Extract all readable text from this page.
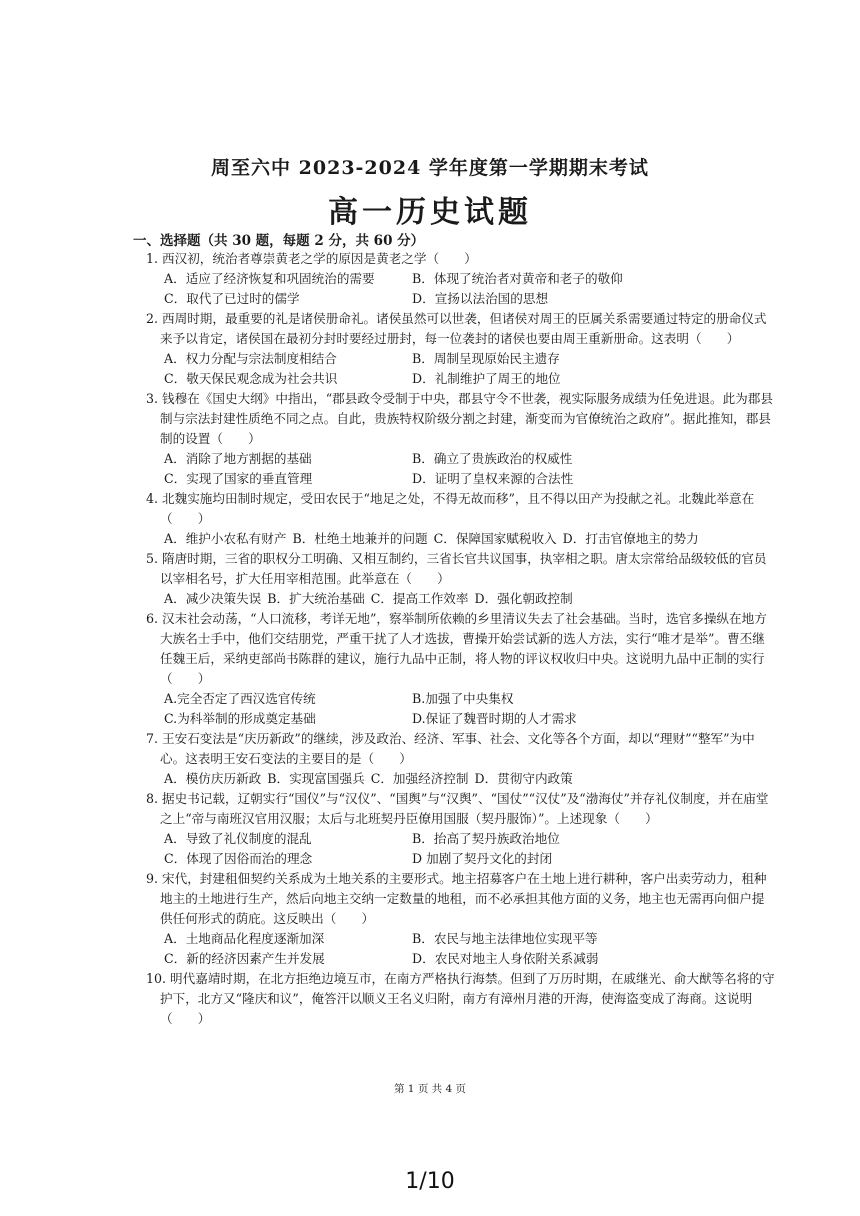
周至六中 2023-2024 学年度第一学期期末考试
高一历史试题
一、选择题（共 30 题，每题 2 分，共 60 分）

1. 西汉初，统治者尊崇黄老之学的原因是黄老之学（　　）

A．适应了经济恢复和巩固统治的需要	B．体现了统治者对黄帝和老子的敬仰
C．取代了已过时的儒学	D．宣扬以法治国的思想

2. 西周时期，最重要的礼是诸侯册命礼。诸侯虽然可以世袭，但诸侯对周王的臣属关系需要通过特定的册命仪式来予以肯定，诸侯国在最初分封时要经过册封，每一位袭封的诸侯也要由周王重新册命。这表明（　　）

A．权力分配与宗法制度相结合	B．周制呈现原始民主遗存
C．敬天保民观念成为社会共识	D．礼制维护了周王的地位

3. 钱穆在《国史大纲》中指出，“郡县政令受制于中央，郡县守令不世袭，视实际服务成绩为任免进退。此为郡县制与宗法封建性质绝不同之点。自此，贵族特权阶级分割之封建，渐变而为官僚统治之政府”。据此推知，郡县制的设置（　　）

A．消除了地方割据的基础	B．确立了贵族政治的权威性
C．实现了国家的垂直管理	D．证明了皇权来源的合法性

4. 北魏实施均田制时规定，受田农民于“地足之处，不得无故而移”，且不得以田产为投献之礼。北魏此举意在（　　）

A．维护小农私有财产 B．杜绝土地兼并的问题 C．保障国家赋税收入 D．打击官僚地主的势力

5. 隋唐时期，三省的职权分工明确、又相互制约，三省长官共议国事，执宰相之职。唐太宗常给品级较低的官员以宰相名号，扩大任用宰相范围。此举意在（　　）

A．减少决策失误 B．扩大统治基础 C．提高工作效率 D．强化朝政控制

6. 汉末社会动荡，“人口流移，考详无地”，察举制所依赖的乡里清议失去了社会基础。当时，选官多操纵在地方大族名士手中，他们交结朋党，严重干扰了人才选拔，曹操开始尝试新的选人方法，实行“唯才是举”。曹丕继任魏王后，采纳吏部尚书陈群的建议，施行九品中正制，将人物的评议权收归中央。这说明九品中正制的实行（　　）

A.完全否定了西汉选官传统	B.加强了中央集权
C.为科举制的形成奠定基础	D.保证了魏晋时期的人才需求

7. 王安石变法是“庆历新政”的继续，涉及政治、经济、军事、社会、文化等各个方面，却以“理财”“整军”为中心。这表明王安石变法的主要目的是（　　）

A．模仿庆历新政 B．实现富国强兵 C．加强经济控制 D．贯彻守内政策

8. 据史书记载，辽朝实行“国仪”与“汉仪”、“国舆”与“汉舆”、“国仗”“汉仗”及“渤海仗”并存礼仪制度，并在庙堂之上“帝与南班汉官用汉服；太后与北班契丹臣僚用国服（契丹服饰）”。上述现象（　　）

A．导致了礼仪制度的混乱	B．抬高了契丹族政治地位
C．体现了因俗而治的理念	D 加剧了契丹文化的封闭

9. 宋代，封建租佃契约关系成为土地关系的主要形式。地主招募客户在土地上进行耕种，客户出卖劳动力，租种地主的土地进行生产，然后向地主交纳一定数量的地租，而不必承担其他方面的义务，地主也无需再向佃户提供任何形式的荫庇。这反映出（　　）

A．土地商品化程度逐渐加深	B．农民与地主法律地位实现平等
C．新的经济因素产生并发展	D．农民对地主人身依附关系减弱

10. 明代嘉靖时期，在北方拒绝边境互市，在南方严格执行海禁。但到了万历时期，在戚继光、俞大猷等名将的守护下，北方又“隆庆和议”，俺答汗以顺义王名义归附，南方有漳州月港的开海，使海盗变成了海商。这说明（　　）

第 1 页 共 4 页
1/10
